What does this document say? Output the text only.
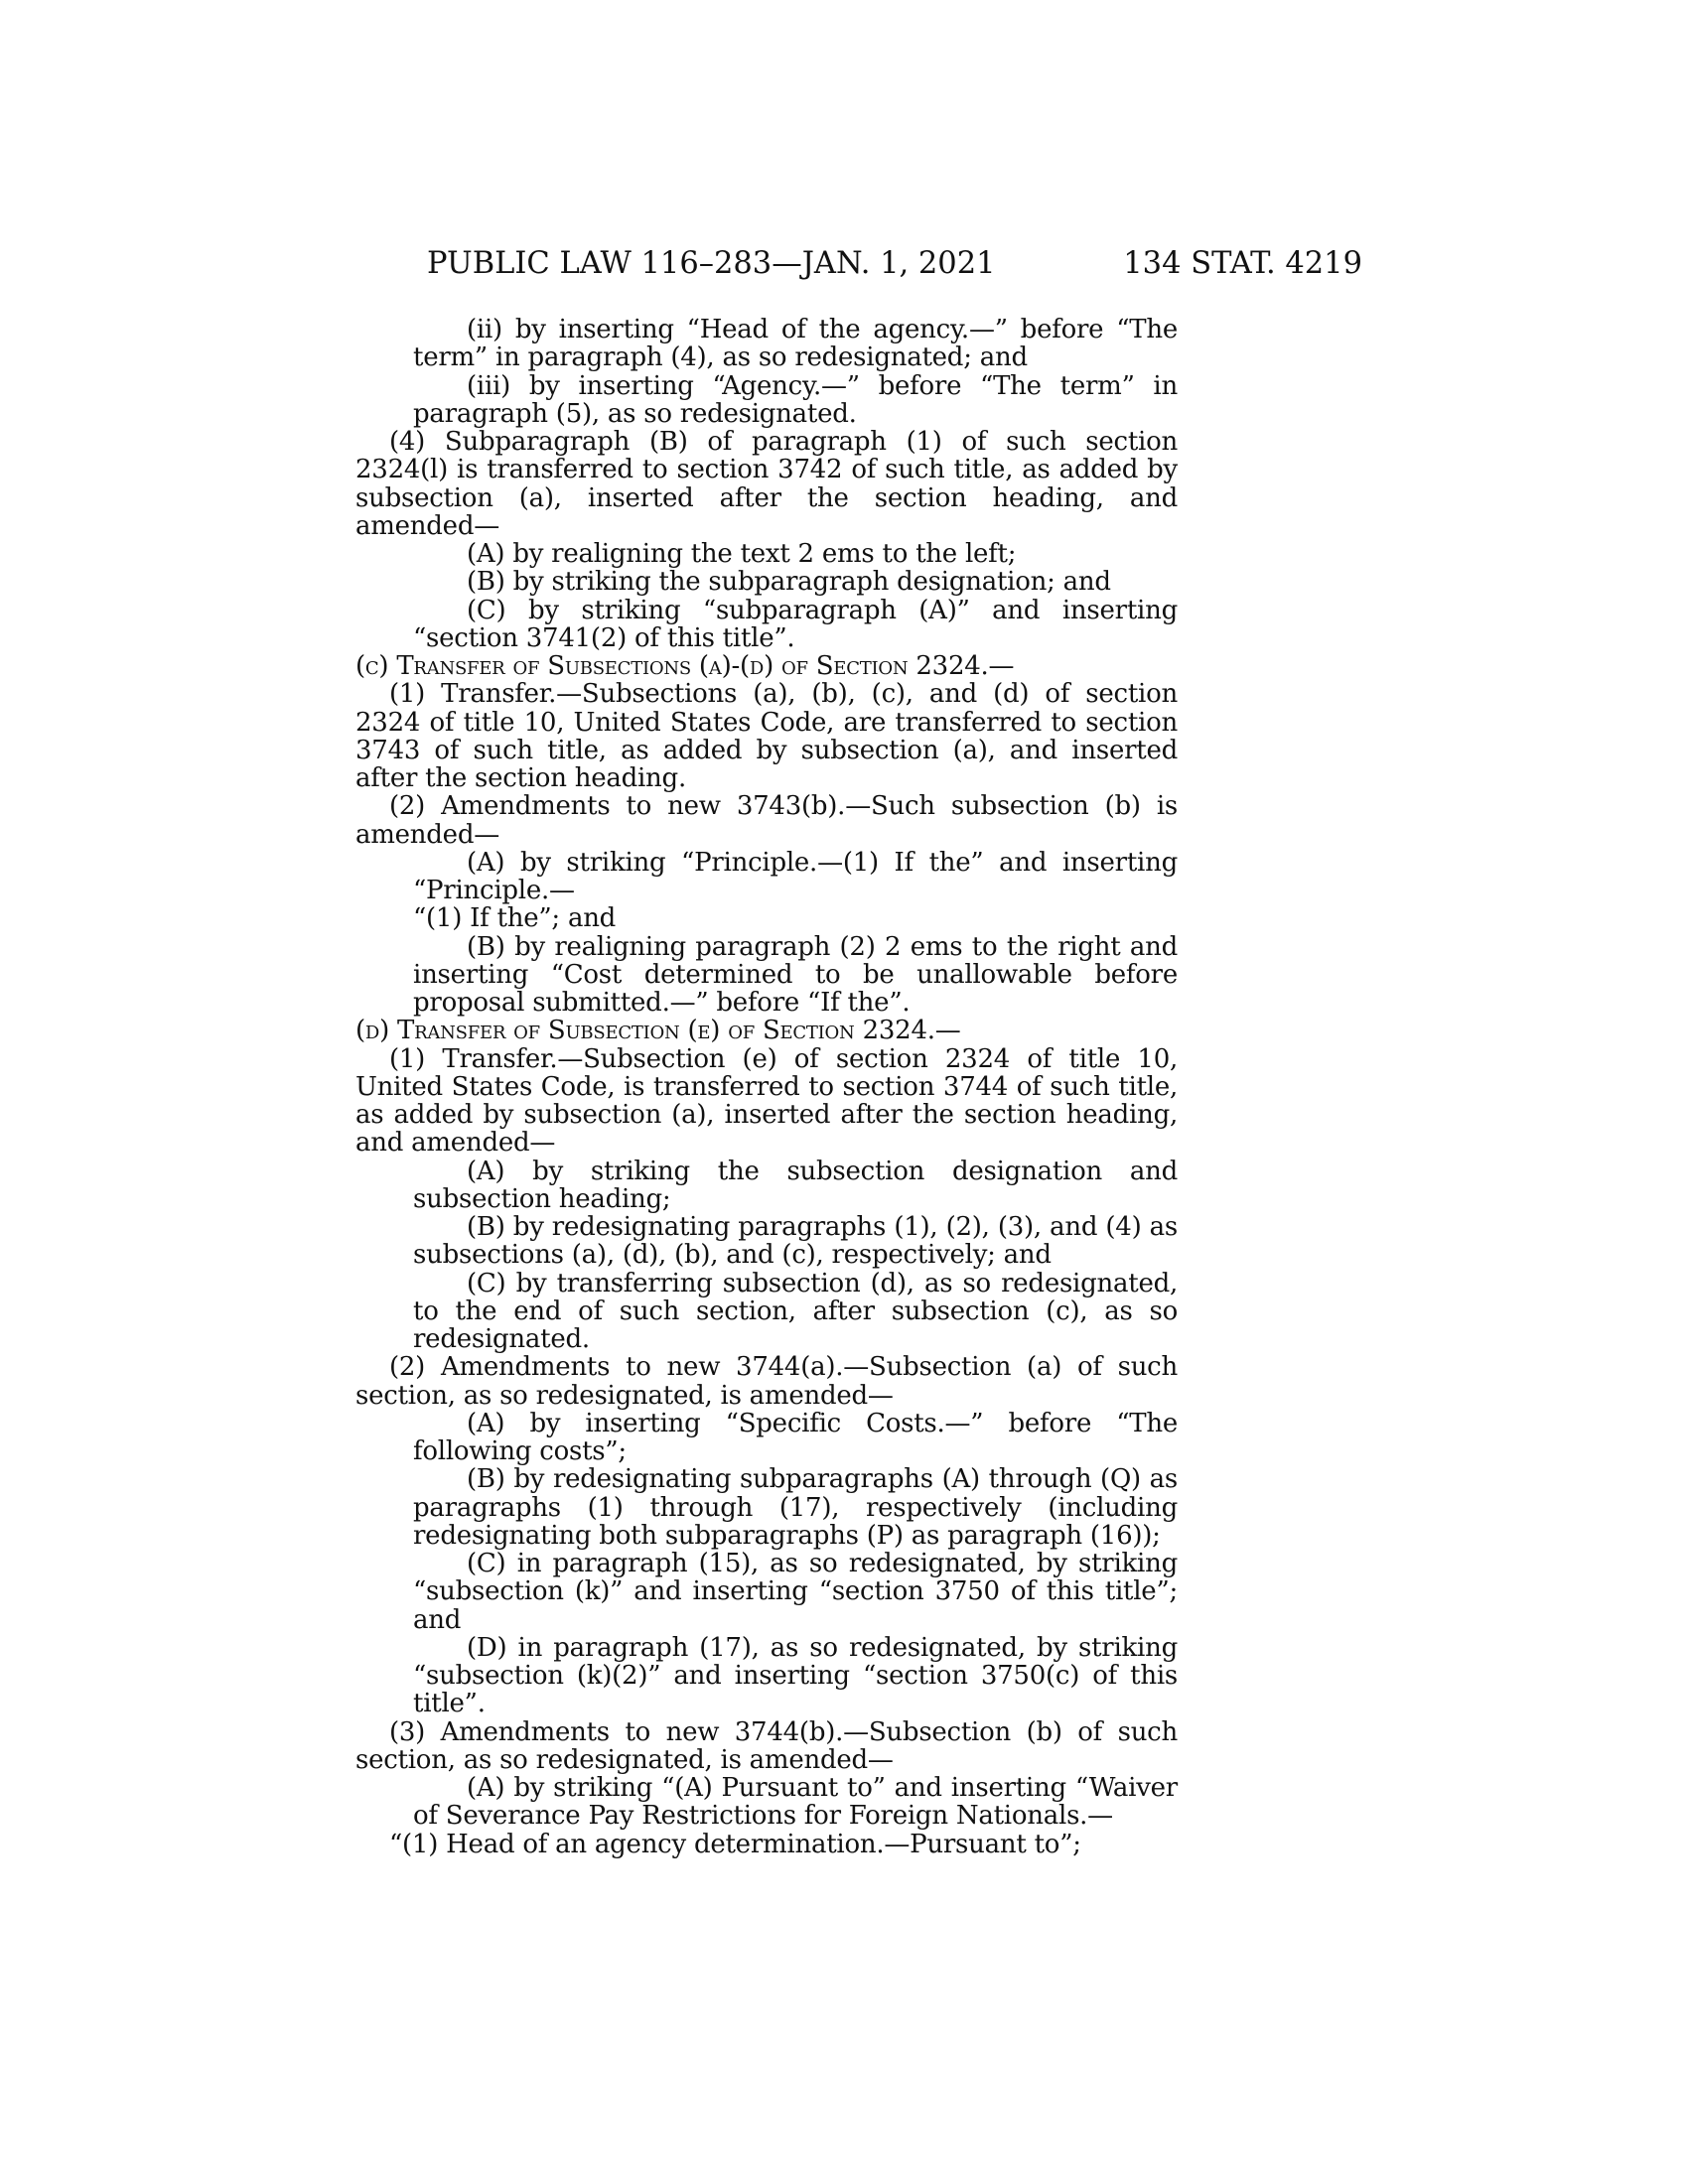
PUBLIC LAW 116–283—JAN. 1, 2021	134 STAT. 4219

(ii) by inserting “Head of the agency.—” before “The term” in paragraph (4), as so redesignated; and

(iii) by inserting “Agency.—” before “The term” in paragraph (5), as so redesignated.

(4) Subparagraph (B) of paragraph (1) of such section 2324(l) is transferred to section 3742 of such title, as added by subsection (a), inserted after the section heading, and amended—

(A) by realigning the text 2 ems to the left;

(B) by striking the subparagraph designation; and

(C) by striking “subparagraph (A)” and inserting “section 3741(2) of this title”.

(c) Transfer of Subsections (a)-(d) of Section 2324.—

(1) Transfer.—Subsections (a), (b), (c), and (d) of section 2324 of title 10, United States Code, are transferred to section 3743 of such title, as added by subsection (a), and inserted after the section heading.

(2) Amendments to new 3743(b).—Such subsection (b) is amended—

(A) by striking “Principle.—(1) If the” and inserting “Principle.—

“(1) If the”; and

(B) by realigning paragraph (2) 2 ems to the right and inserting “Cost determined to be unallowable before proposal submitted.—” before “If the”.

(d) Transfer of Subsection (e) of Section 2324.—

(1) Transfer.—Subsection (e) of section 2324 of title 10, United States Code, is transferred to section 3744 of such title, as added by subsection (a), inserted after the section heading, and amended—

(A) by striking the subsection designation and subsection heading;

(B) by redesignating paragraphs (1), (2), (3), and (4) as subsections (a), (d), (b), and (c), respectively; and

(C) by transferring subsection (d), as so redesignated, to the end of such section, after subsection (c), as so redesignated.

(2) Amendments to new 3744(a).—Subsection (a) of such section, as so redesignated, is amended—

(A) by inserting “Specific Costs.—” before “The following costs”;

(B) by redesignating subparagraphs (A) through (Q) as paragraphs (1) through (17), respectively (including redesignating both subparagraphs (P) as paragraph (16));

(C) in paragraph (15), as so redesignated, by striking “subsection (k)” and inserting “section 3750 of this title”; and

(D) in paragraph (17), as so redesignated, by striking “subsection (k)(2)” and inserting “section 3750(c) of this title”.

(3) Amendments to new 3744(b).—Subsection (b) of such section, as so redesignated, is amended—

(A) by striking “(A) Pursuant to” and inserting “Waiver of Severance Pay Restrictions for Foreign Nationals.—

“(1) Head of an agency determination.—Pursuant to”;
